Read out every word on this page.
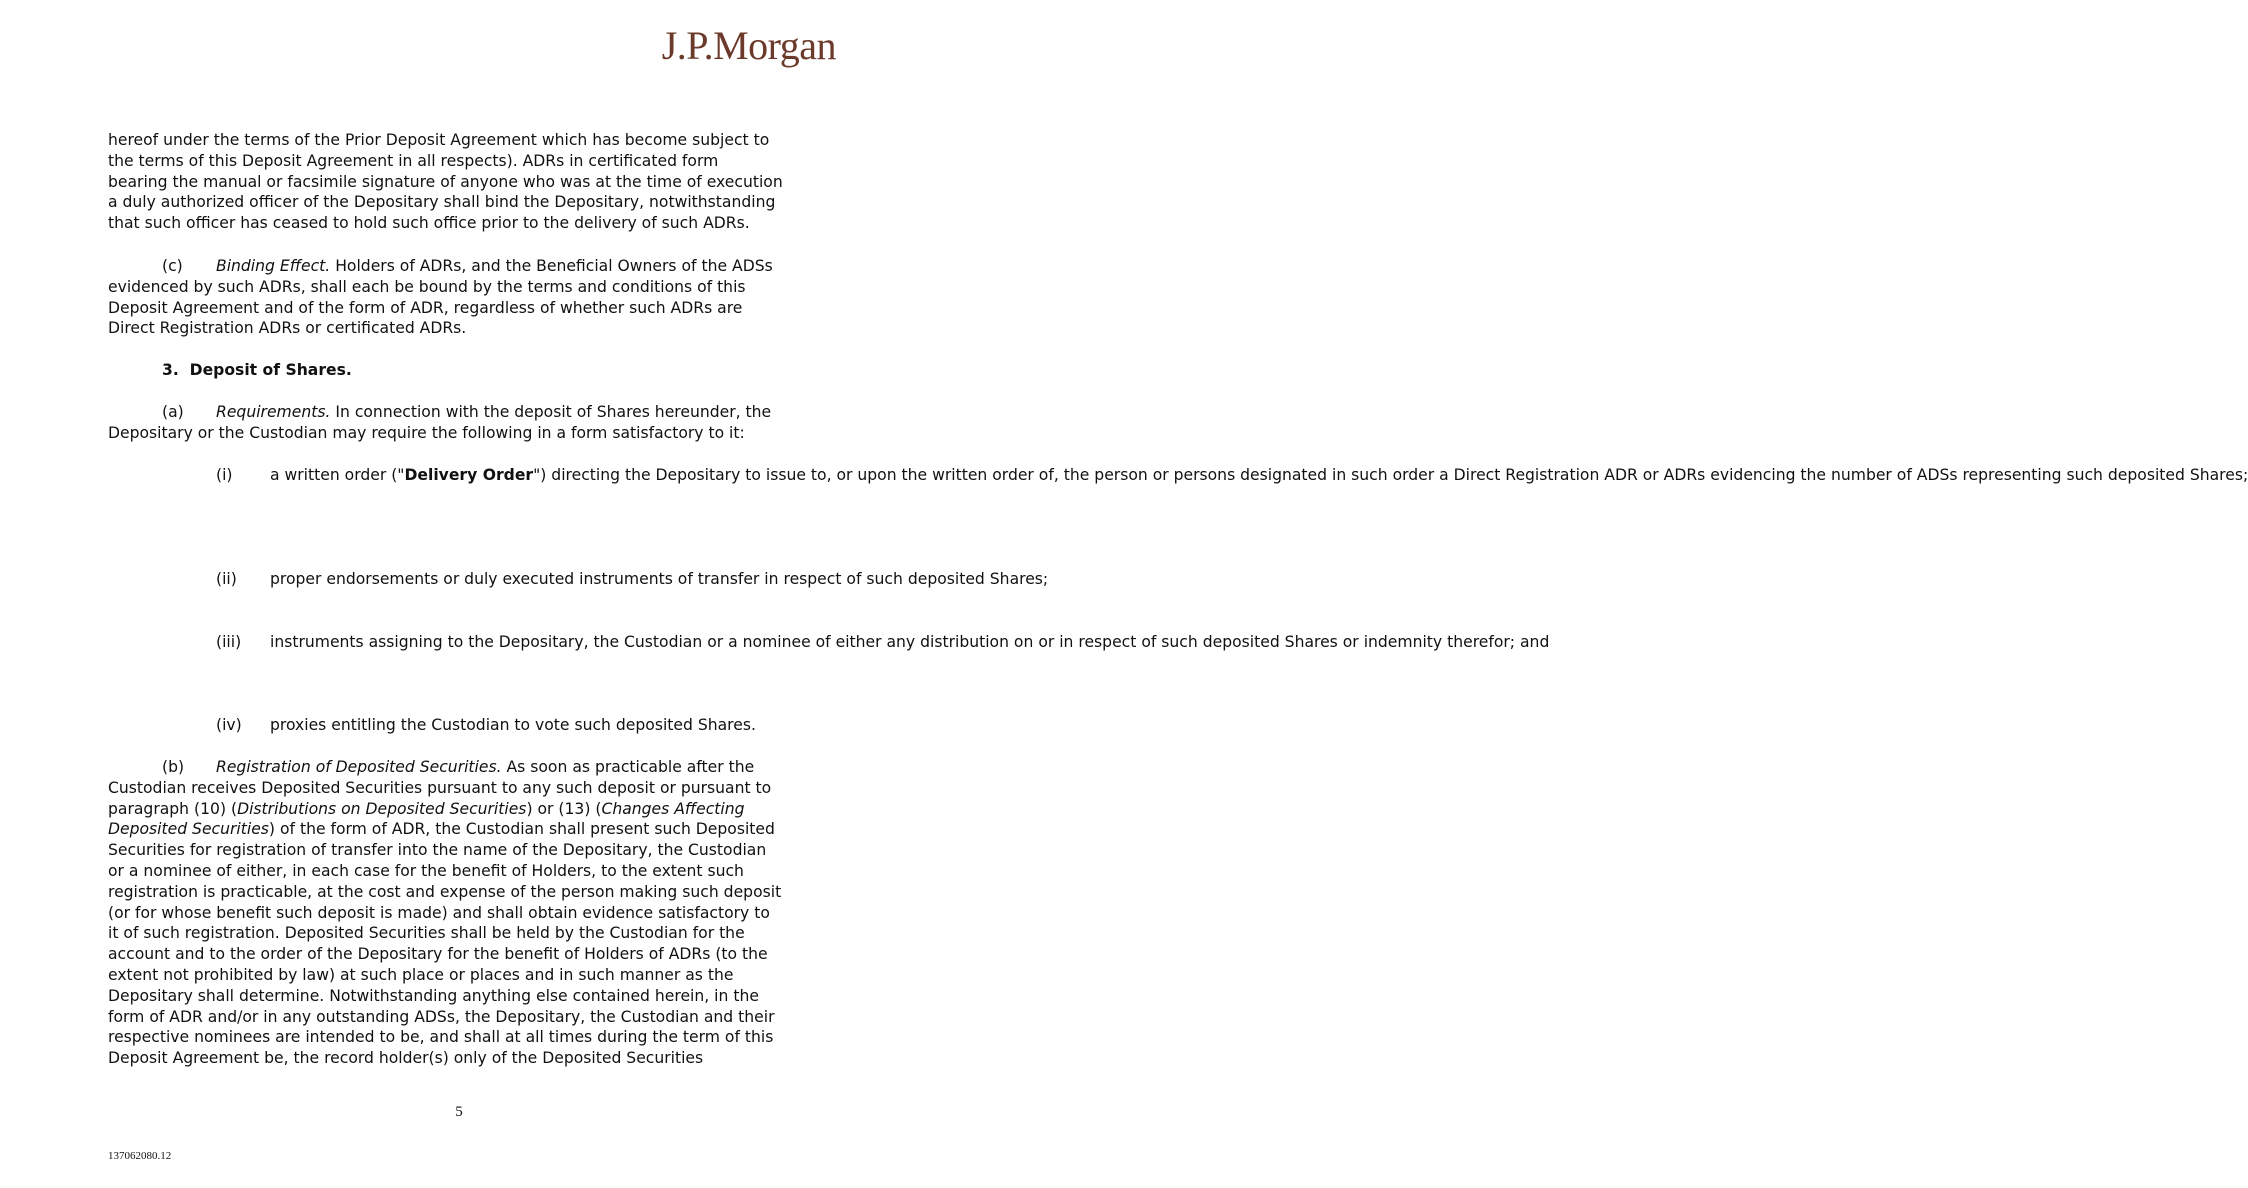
J.P.Morgan
hereof under the terms of the Prior Deposit Agreement which has become subject to
the terms of this Deposit Agreement in all respects). ADRs in certificated form
bearing the manual or facsimile signature of anyone who was at the time of execution
a duly authorized officer of the Depositary shall bind the Depositary, notwithstanding
that such officer has ceased to hold such office prior to the delivery of such ADRs.
(c) Binding Effect. Holders of ADRs, and the Beneficial Owners of the ADSs
evidenced by such ADRs, shall each be bound by the terms and conditions of this
Deposit Agreement and of the form of ADR, regardless of whether such ADRs are
Direct Registration ADRs or certificated ADRs.
3. Deposit of Shares.
(a) Requirements. In connection with the deposit of Shares hereunder, the
Depositary or the Custodian may require the following in a form satisfactory to it:
(i) a written order ("Delivery Order") directing the Depositary to issue to, or upon the written order of, the person or persons designated in such order a Direct Registration ADR or ADRs evidencing the number of ADSs representing such deposited Shares;
(ii) proper endorsements or duly executed instruments of transfer in respect of such deposited Shares;
(iii) instruments assigning to the Depositary, the Custodian or a nominee of either any distribution on or in respect of such deposited Shares or indemnity therefor; and
(iv) proxies entitling the Custodian to vote such deposited Shares.
(b) Registration of Deposited Securities. As soon as practicable after the
Custodian receives Deposited Securities pursuant to any such deposit or pursuant to
paragraph (10) (Distributions on Deposited Securities) or (13) (Changes Affecting
Deposited Securities) of the form of ADR, the Custodian shall present such Deposited
Securities for registration of transfer into the name of the Depositary, the Custodian
or a nominee of either, in each case for the benefit of Holders, to the extent such
registration is practicable, at the cost and expense of the person making such deposit
(or for whose benefit such deposit is made) and shall obtain evidence satisfactory to
it of such registration. Deposited Securities shall be held by the Custodian for the
account and to the order of the Depositary for the benefit of Holders of ADRs (to the
extent not prohibited by law) at such place or places and in such manner as the
Depositary shall determine. Notwithstanding anything else contained herein, in the
form of ADR and/or in any outstanding ADSs, the Depositary, the Custodian and their
respective nominees are intended to be, and shall at all times during the term of this
Deposit Agreement be, the record holder(s) only of the Deposited Securities
5
137062080.12
